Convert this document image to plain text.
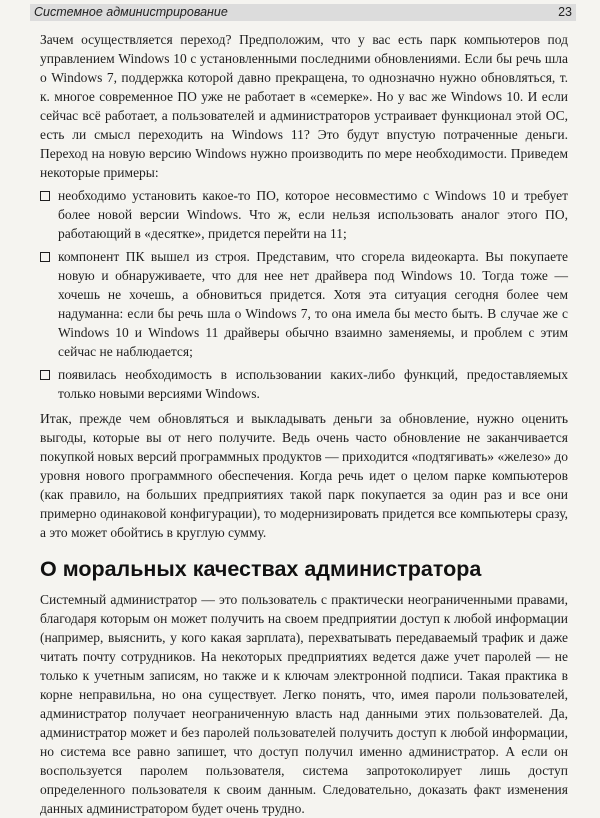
Системное администрирование	23

Зачем осуществляется переход? Предположим, что у вас есть парк компьютеров под управлением Windows 10 с установленными последними обновлениями. Если бы речь шла о Windows 7, поддержка которой давно прекращена, то однозначно нужно обновляться, т. к. многое современное ПО уже не работает в «семерке». Но у вас же Windows 10. И если сейчас всё работает, а пользователей и администраторов устраивает функционал этой ОС, есть ли смысл переходить на Windows 11? Это будут впустую потраченные деньги. Переход на новую версию Windows нужно производить по мере необходимости. Приведем некоторые примеры:

необходимо установить какое-то ПО, которое несовместимо с Windows 10 и требует более новой версии Windows. Что ж, если нельзя использовать аналог этого ПО, работающий в «десятке», придется перейти на 11;
компонент ПК вышел из строя. Представим, что сгорела видеокарта. Вы покупаете новую и обнаруживаете, что для нее нет драйвера под Windows 10. Тогда тоже — хочешь не хочешь, а обновиться придется. Хотя эта ситуация сегодня более чем надуманна: если бы речь шла о Windows 7, то она имела бы место быть. В случае же с Windows 10 и Windows 11 драйверы обычно взаимно заменяемы, и проблем с этим сейчас не наблюдается;
появилась необходимость в использовании каких-либо функций, предоставляемых только новыми версиями Windows.

Итак, прежде чем обновляться и выкладывать деньги за обновление, нужно оценить выгоды, которые вы от него получите. Ведь очень часто обновление не заканчивается покупкой новых версий программных продуктов — приходится «подтягивать» «железо» до уровня нового программного обеспечения. Когда речь идет о целом парке компьютеров (как правило, на больших предприятиях такой парк покупается за один раз и все они примерно одинаковой конфигурации), то модернизировать придется все компьютеры сразу, а это может обойтись в круглую сумму.

О моральных качествах администратора

Системный администратор — это пользователь с практически неограниченными правами, благодаря которым он может получить на своем предприятии доступ к любой информации (например, выяснить, у кого какая зарплата), перехватывать передаваемый трафик и даже читать почту сотрудников. На некоторых предприятиях ведется даже учет паролей — не только к учетным записям, но также и к ключам электронной подписи. Такая практика в корне неправильна, но она существует. Легко понять, что, имея пароли пользователей, администратор получает неограниченную власть над данными этих пользователей. Да, администратор может и без паролей пользователей получить доступ к любой информации, но система все равно запишет, что доступ получил именно администратор. А если он воспользуется паролем пользователя, система запротоколирует лишь доступ определенного пользователя к своим данным. Следовательно, доказать факт изменения данных администратором будет очень трудно.
